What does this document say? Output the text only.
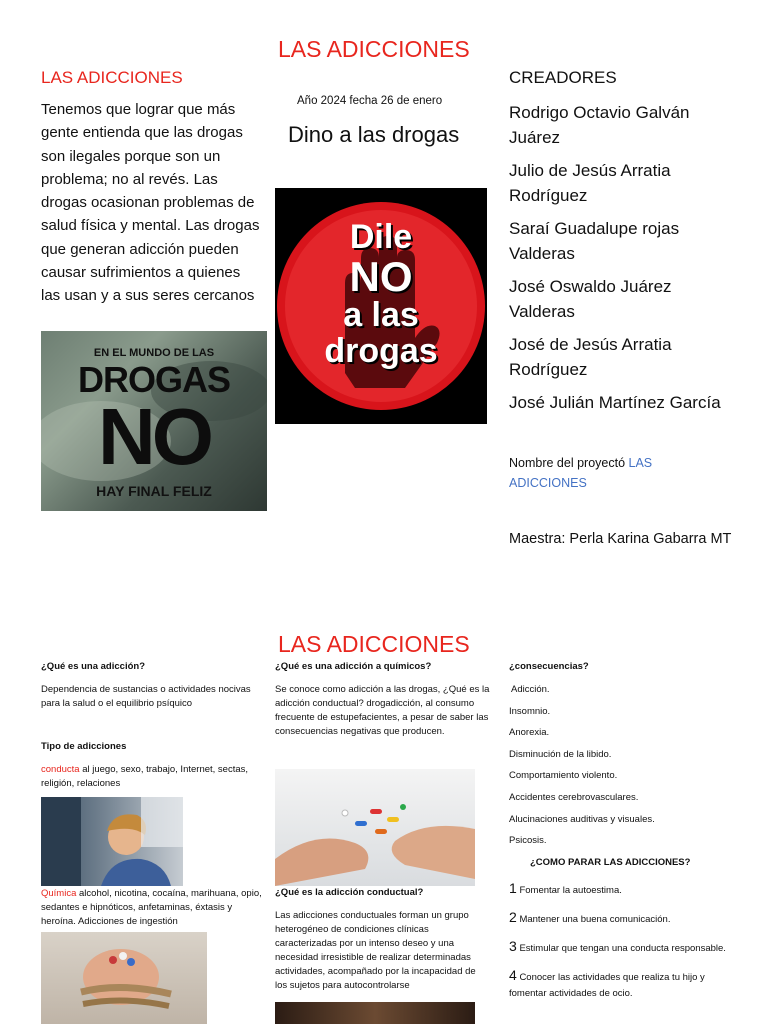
LAS ADICCIONES
LAS ADICCIONES
Tenemos que lograr que más gente entienda que las drogas son ilegales porque son un problema; no al revés. Las drogas ocasionan problemas de salud física y mental. Las drogas que generan adicción pueden causar sufrimientos a quienes las usan y a sus seres cercanos
EN EL MUNDO DE LAS
DROGAS
NO
HAY FINAL FELIZ
Año 2024 fecha 26 de enero
Dino a las drogas
Dile
NO
a las
drogas
CREADORES
Rodrigo Octavio Galván Juárez
Julio de Jesús Arratia Rodríguez
Saraí Guadalupe rojas Valderas
José Oswaldo Juárez Valderas
José de Jesús Arratia Rodríguez
José Julián Martínez García
Nombre del proyectó LAS ADICCIONES
Maestra: Perla Karina Gabarra MT
LAS ADICCIONES
¿Qué es una adicción?
Dependencia de sustancias o actividades nocivas para la salud o el equilibrio psíquico
Tipo de adicciones
conducta al juego, sexo, trabajo, Internet, sectas, religión, relaciones
Química alcohol, nicotina, cocaína, marihuana, opio, sedantes e hipnóticos, anfetaminas, éxtasis y heroína. Adicciones de ingestión
¿Qué es una adicción a químicos?
Se conoce como adicción a las drogas, ¿Qué es la adicción conductual? drogadicción, al consumo frecuente de estupefacientes, a pesar de saber las consecuencias negativas que producen.
¿Qué es la adicción conductual?
Las adicciones conductuales forman un grupo heterogéneo de condiciones clínicas caracterizadas por un intenso deseo y una necesidad irresistible de realizar determinadas actividades, acompañado por la incapacidad de los sujetos para autocontrolarse
¿consecuencias?
Adicción.
Insomnio.
Anorexia.
Disminución de la libido.
Comportamiento violento.
Accidentes cerebrovasculares.
Alucinaciones auditivas y visuales.
Psicosis.
¿COMO PARAR LAS ADICCIONES?
1 Fomentar la autoestima.
2 Mantener una buena comunicación.
3 Estimular que tengan una conducta responsable.
4 Conocer las actividades que realiza tu hijo y fomentar actividades de ocio.
